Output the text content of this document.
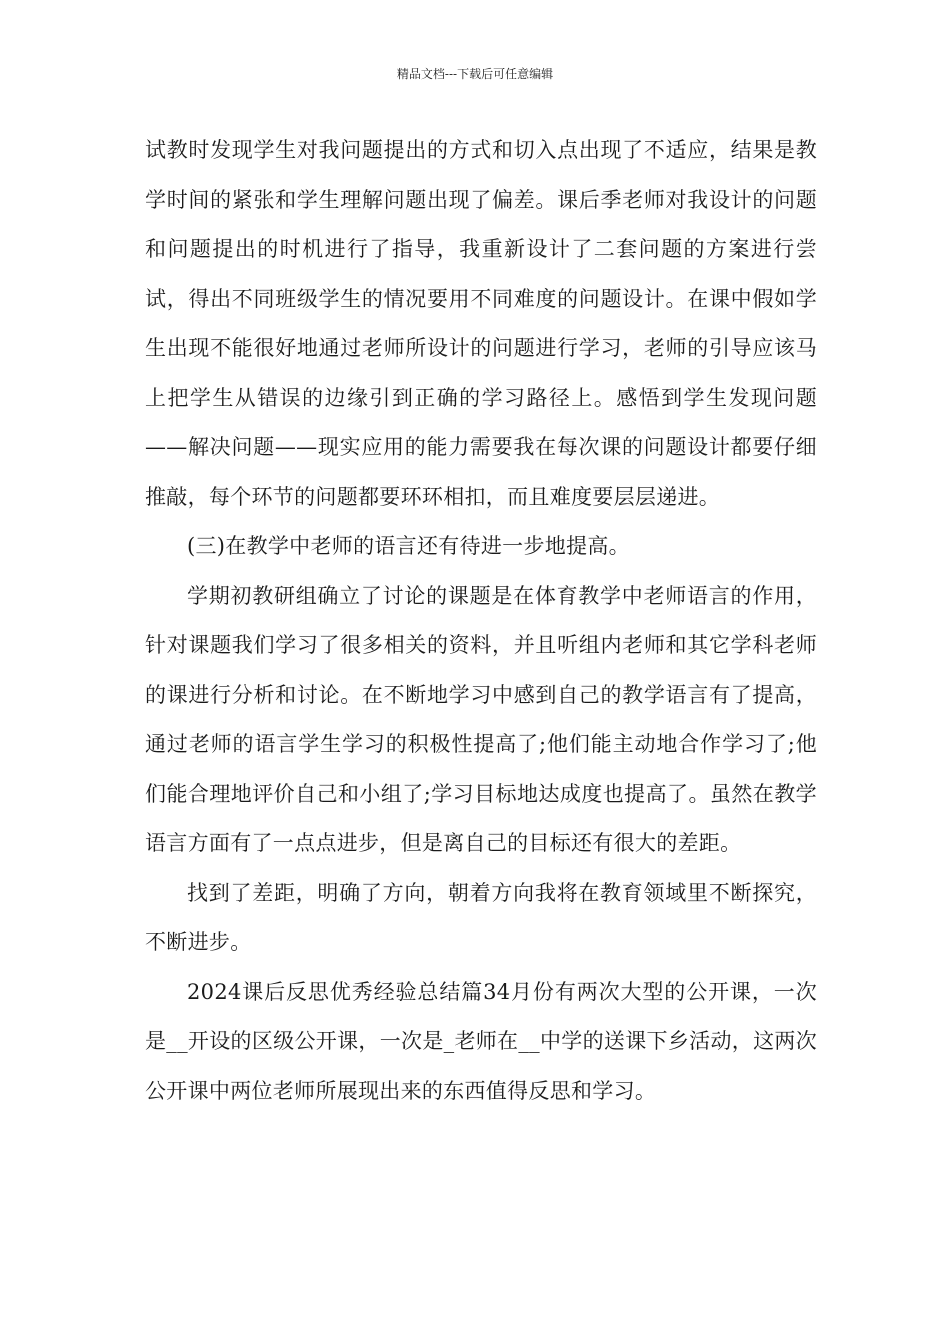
精品文档---下载后可任意编辑

试教时发现学生对我问题提出的方式和切入点出现了不适应，结果是教学时间的紧张和学生理解问题出现了偏差。课后季老师对我设计的问题和问题提出的时机进行了指导，我重新设计了二套问题的方案进行尝试，得出不同班级学生的情况要用不同难度的问题设计。在课中假如学生出现不能很好地通过老师所设计的问题进行学习，老师的引导应该马上把学生从错误的边缘引到正确的学习路径上。感悟到学生发现问题——解决问题——现实应用的能力需要我在每次课的问题设计都要仔细推敲，每个环节的问题都要环环相扣，而且难度要层层递进。

(三)在教学中老师的语言还有待进一步地提高。

学期初教研组确立了讨论的课题是在体育教学中老师语言的作用，针对课题我们学习了很多相关的资料，并且听组内老师和其它学科老师的课进行分析和讨论。在不断地学习中感到自己的教学语言有了提高，通过老师的语言学生学习的积极性提高了;他们能主动地合作学习了;他们能合理地评价自己和小组了;学习目标地达成度也提高了。虽然在教学语言方面有了一点点进步，但是离自己的目标还有很大的差距。

找到了差距，明确了方向，朝着方向我将在教育领域里不断探究，不断进步。

2024课后反思优秀经验总结篇34月份有两次大型的公开课，一次是__开设的区级公开课，一次是_老师在__中学的送课下乡活动，这两次公开课中两位老师所展现出来的东西值得反思和学习。
